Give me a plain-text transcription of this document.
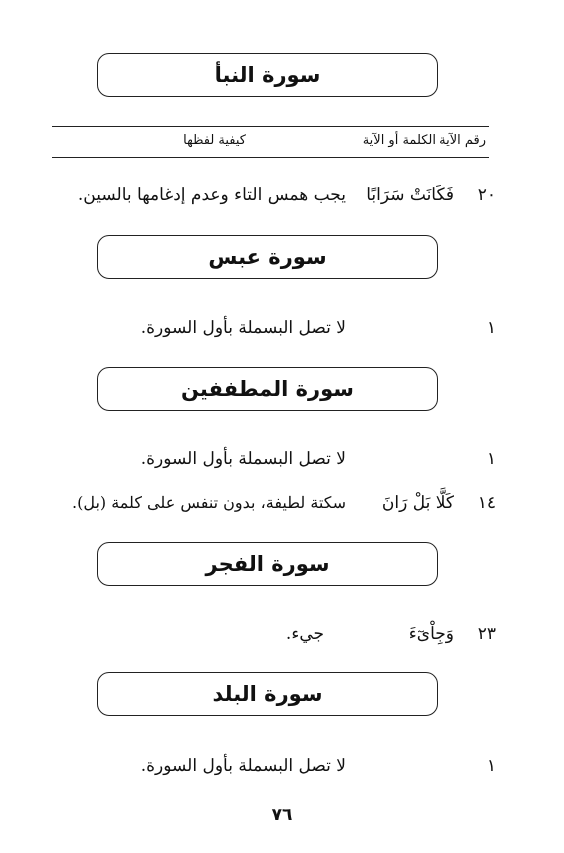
سورة النبأ
رقم الآية
الكلمة أو الآية
كيفية لفظها
٢٠
فَكَانَتْ سَرَابًا
يجب همس التاء وعدم إدغامها بالسين.
سورة عبس
١
لا تصل البسملة بأول السورة.
سورة المطففين
١
لا تصل البسملة بأول السورة.
١٤
كَلَّا بَلْ رَانَ
سكتة لطيفة، بدون تنفس على كلمة (بل).
سورة الفجر
٢٣
وَجِاْىٓءَ
جيء.
سورة البلد
١
لا تصل البسملة بأول السورة.
٧٦
